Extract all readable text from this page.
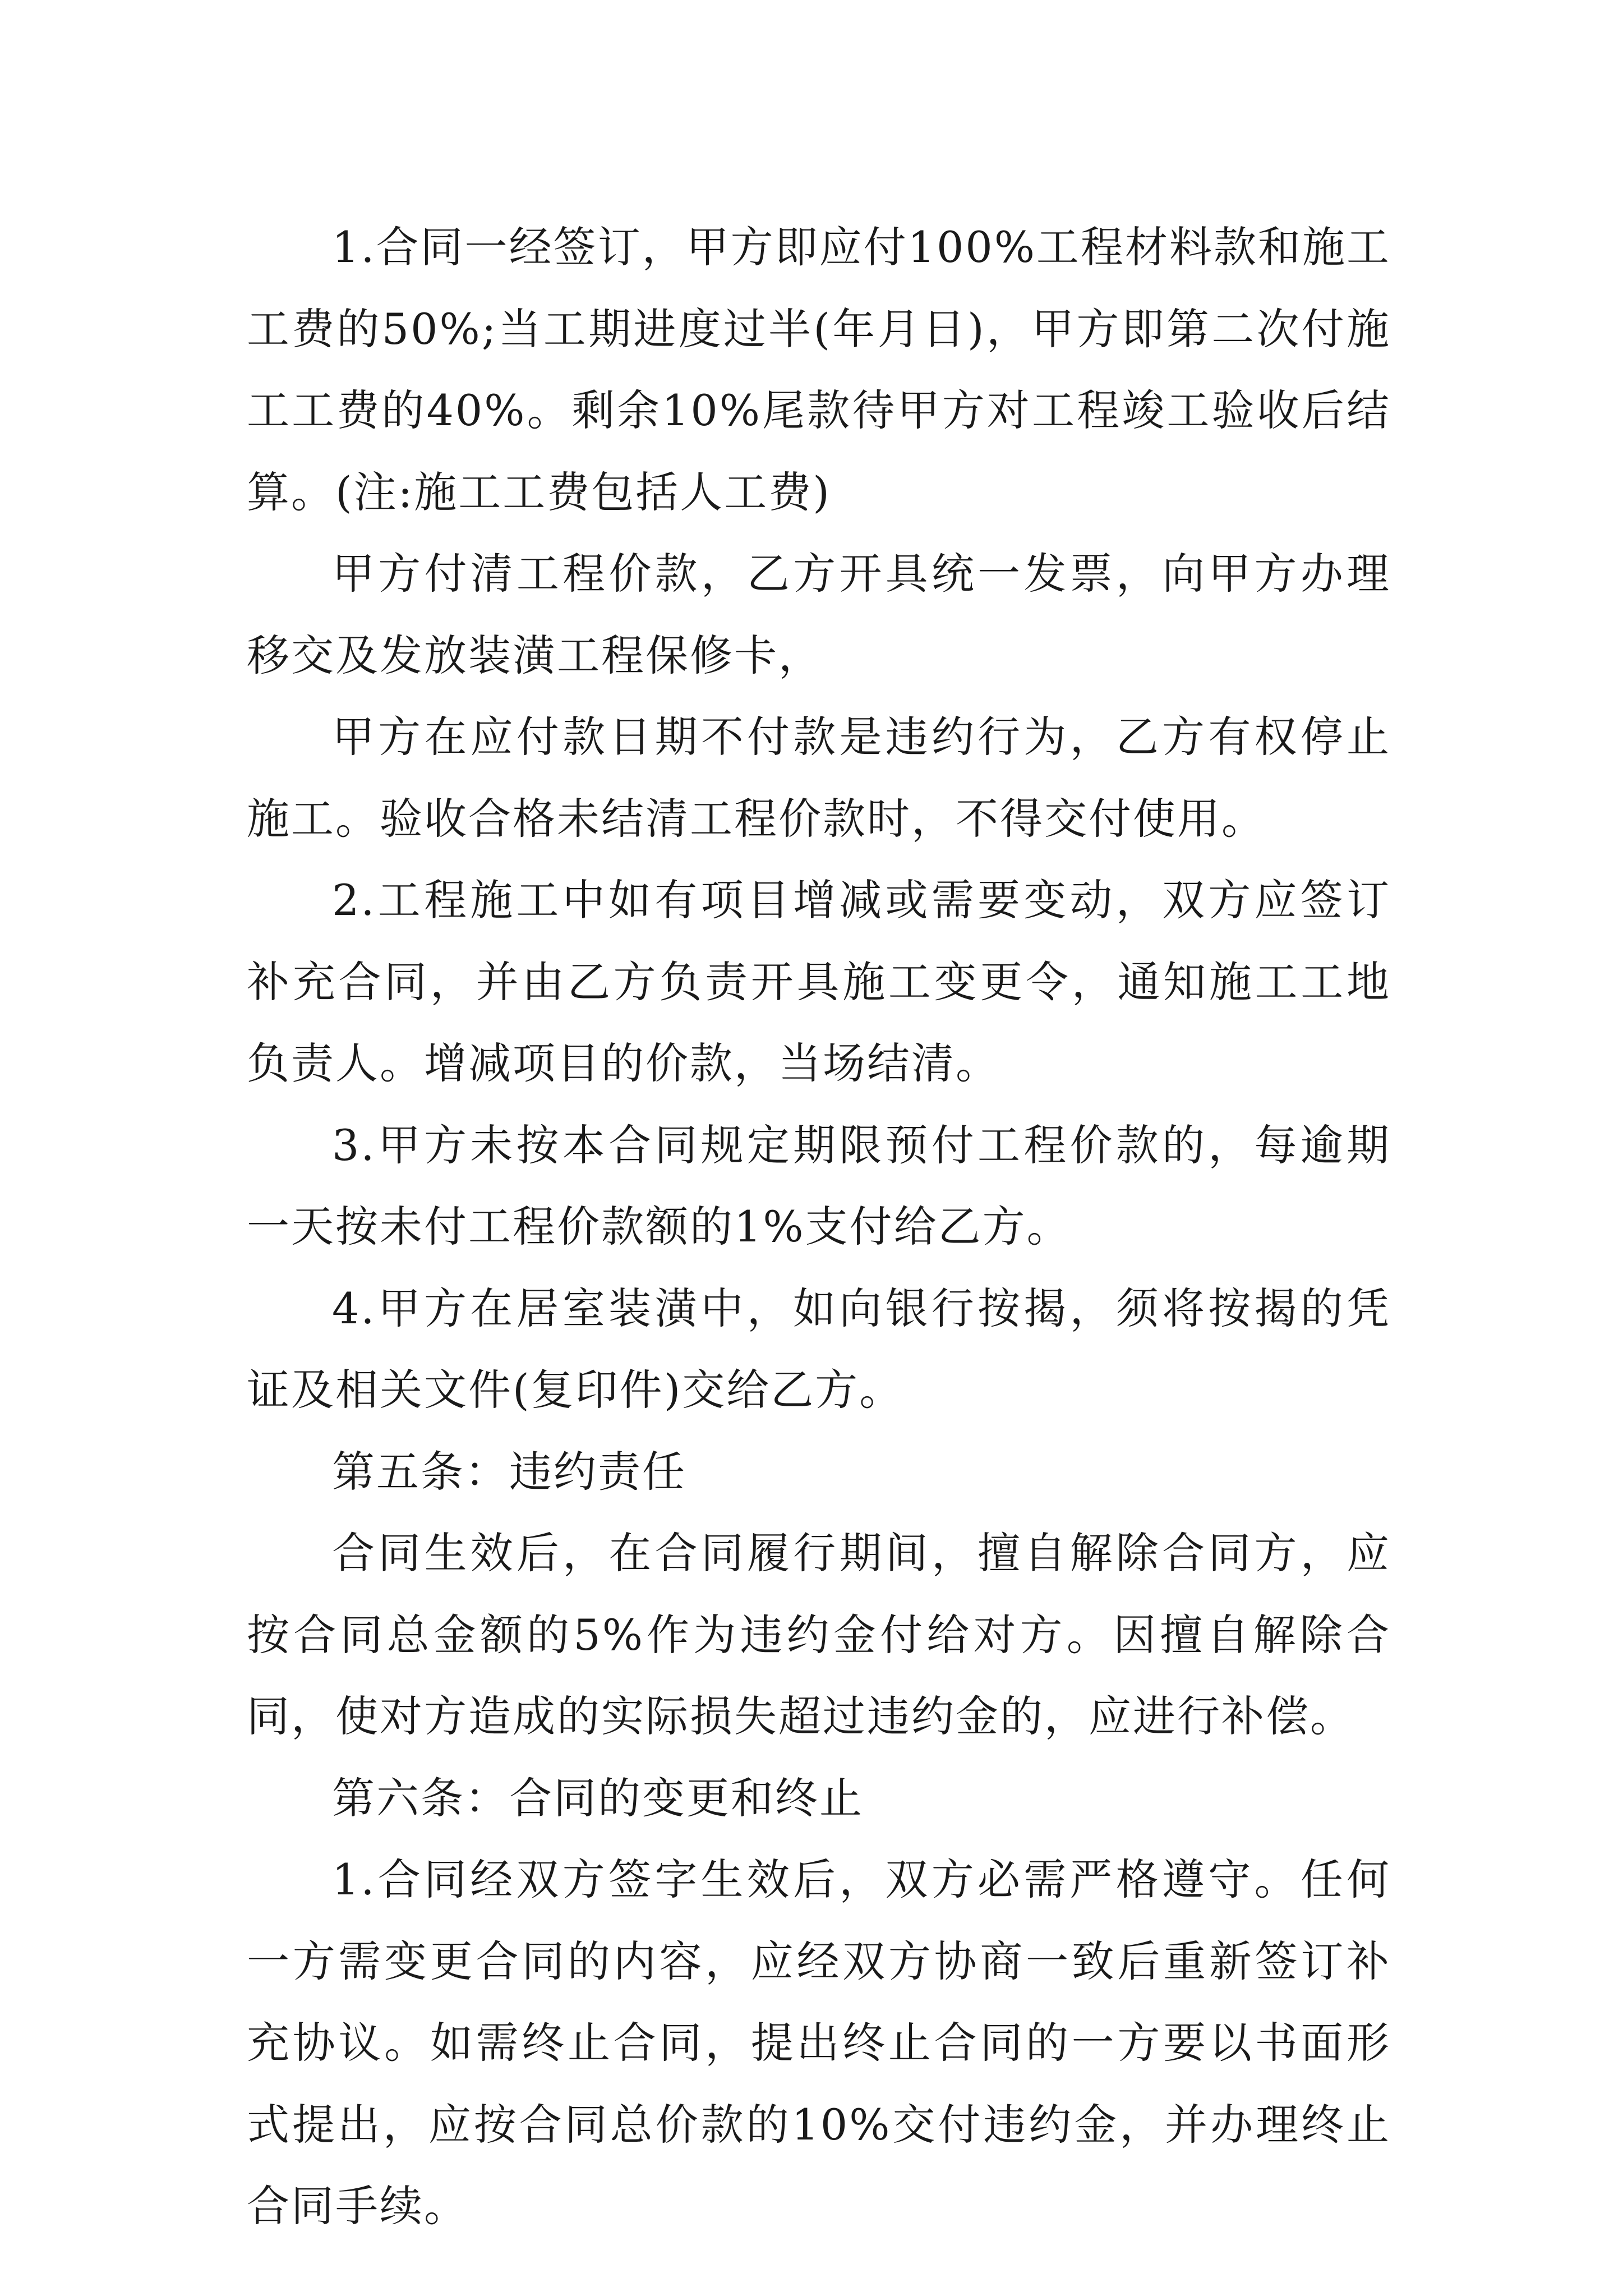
1.合同一经签订，甲方即应付100%工程材料款和施工工费的50%;当工期进度过半(年月日)，甲方即第二次付施工工费的40%。剩余10%尾款待甲方对工程竣工验收后结算。(注:施工工费包括人工费)

甲方付清工程价款，乙方开具统一发票，向甲方办理移交及发放装潢工程保修卡，

甲方在应付款日期不付款是违约行为，乙方有权停止施工。验收合格未结清工程价款时，不得交付使用。

2.工程施工中如有项目增减或需要变动，双方应签订补充合同，并由乙方负责开具施工变更令，通知施工工地负责人。增减项目的价款，当场结清。

3.甲方未按本合同规定期限预付工程价款的，每逾期一天按未付工程价款额的1%支付给乙方。

4.甲方在居室装潢中，如向银行按揭，须将按揭的凭证及相关文件(复印件)交给乙方。

第五条：违约责任

合同生效后，在合同履行期间，擅自解除合同方，应按合同总金额的5%作为违约金付给对方。因擅自解除合同，使对方造成的实际损失超过违约金的，应进行补偿。

第六条：合同的变更和终止

1.合同经双方签字生效后，双方必需严格遵守。任何一方需变更合同的内容，应经双方协商一致后重新签订补充协议。如需终止合同，提出终止合同的一方要以书面形式提出，应按合同总价款的10%交付违约金，并办理终止合同手续。
